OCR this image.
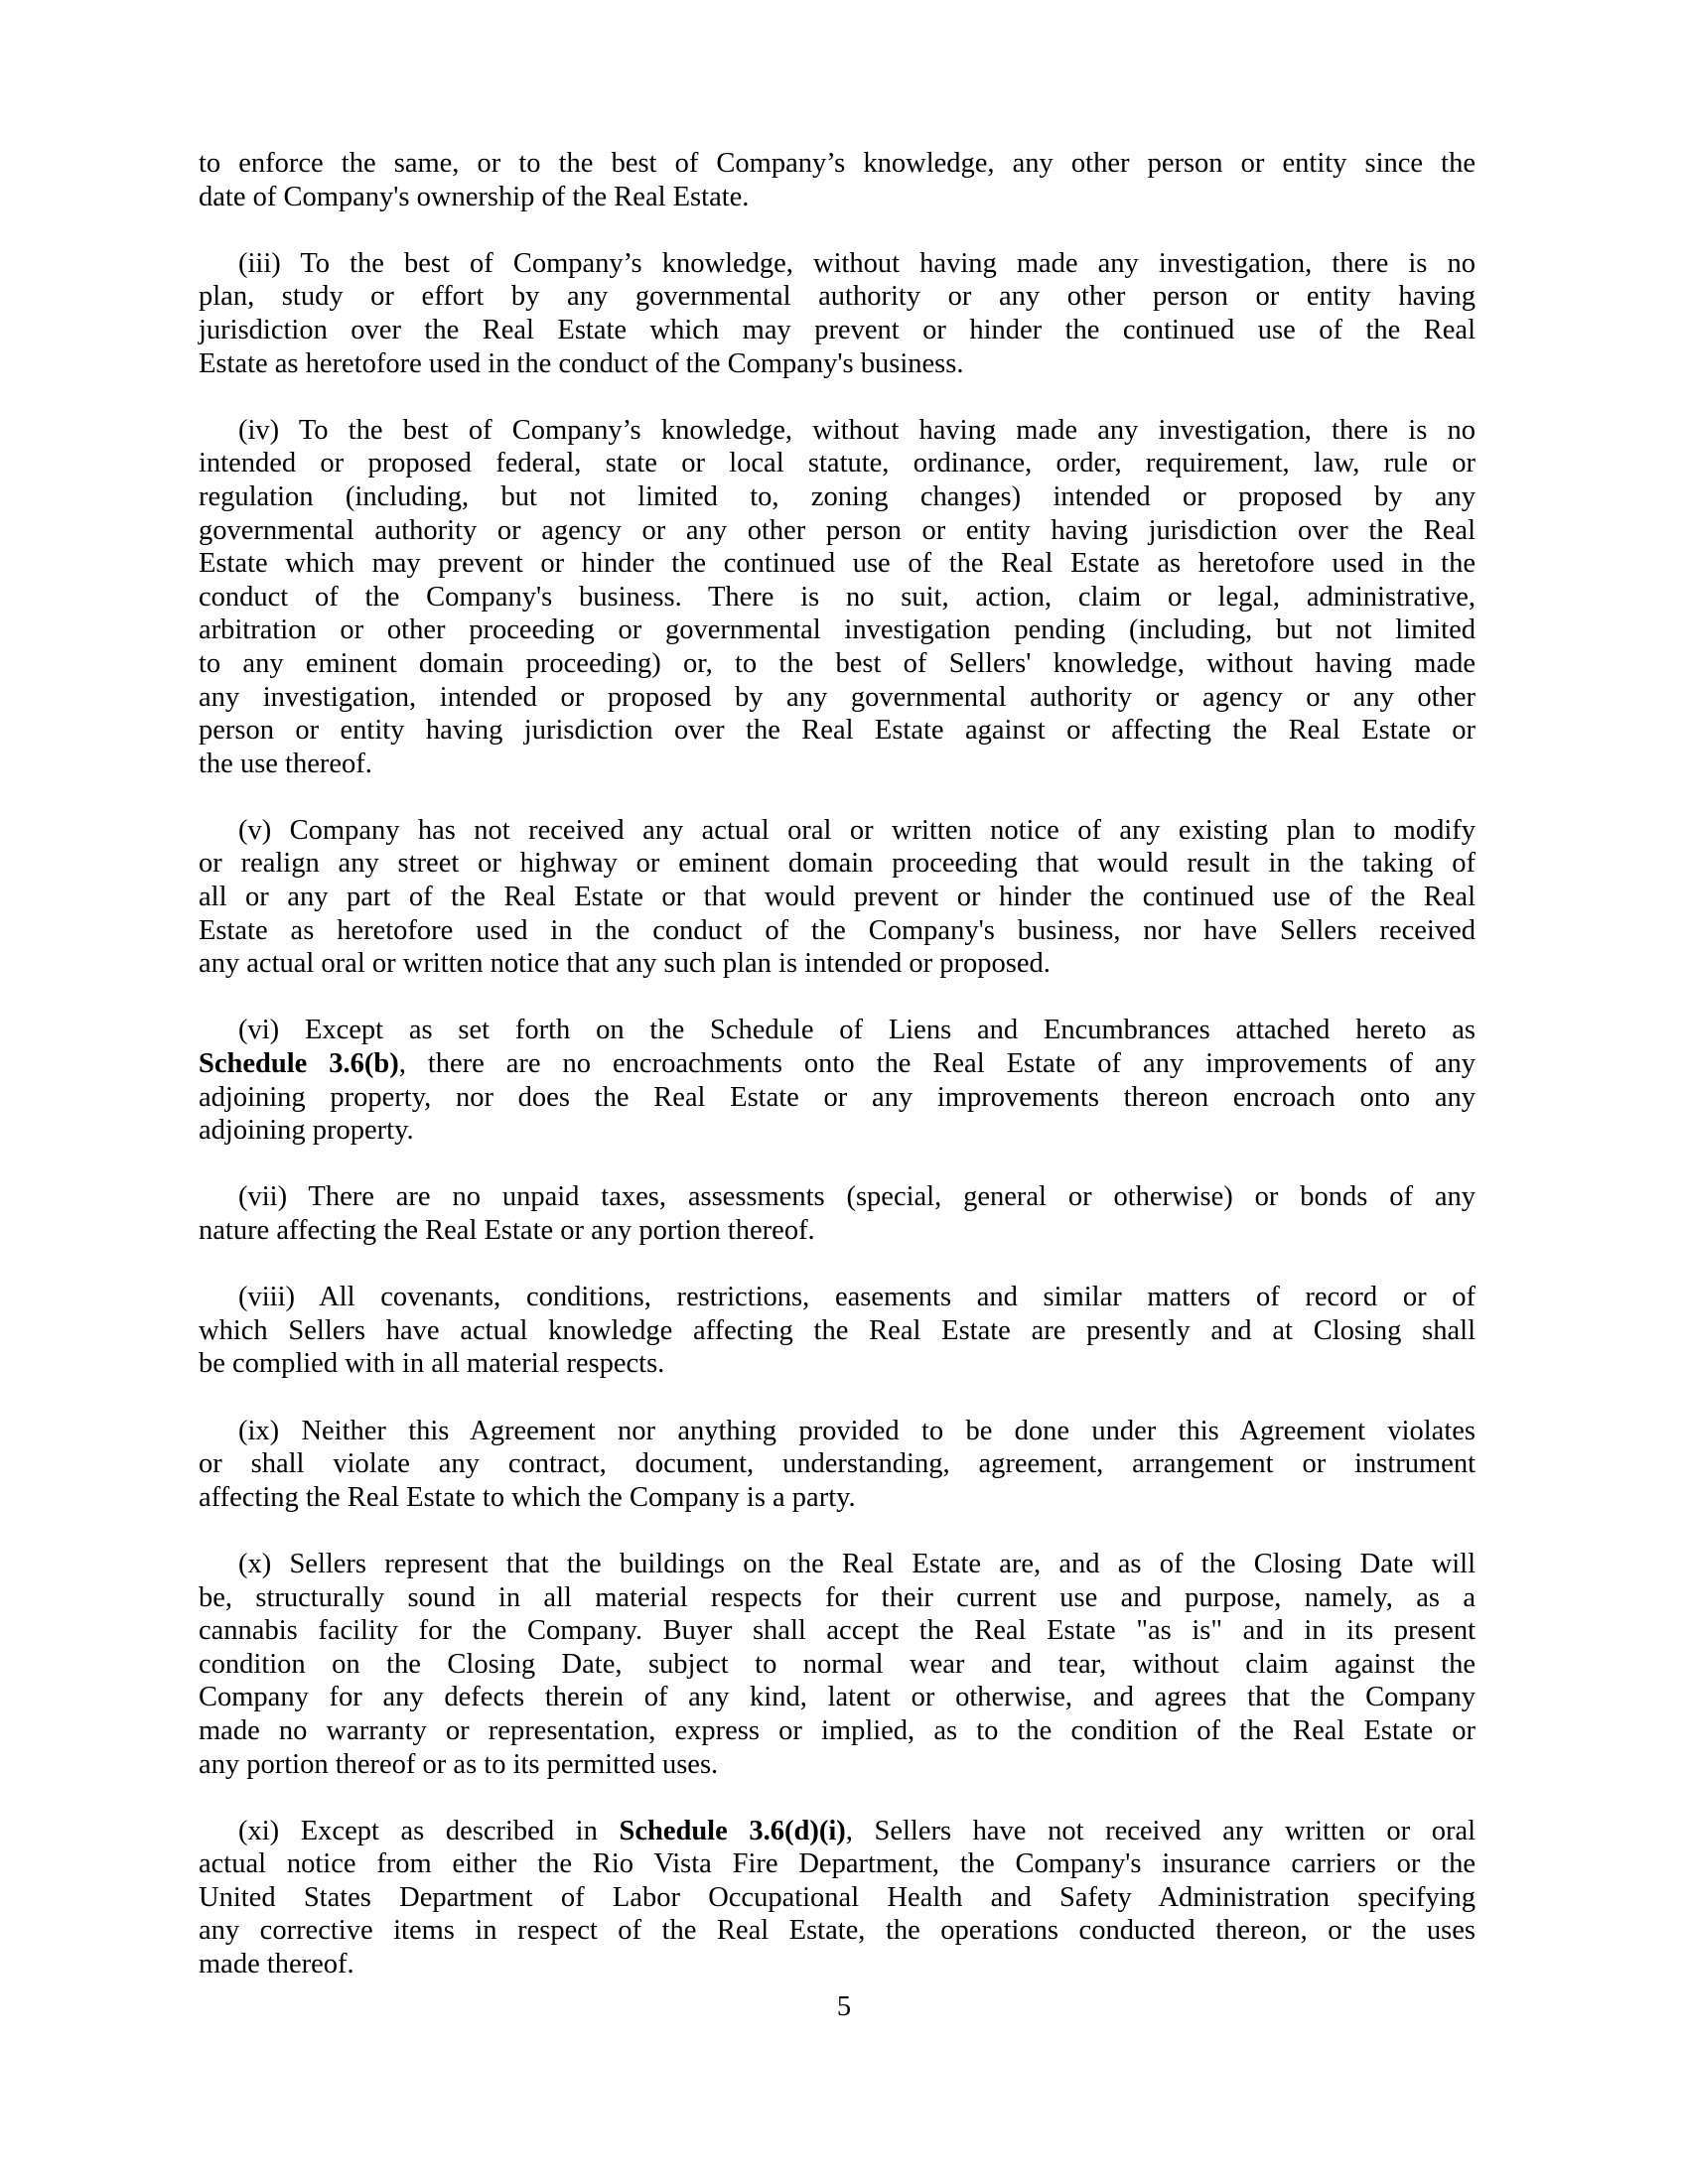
to enforce the same, or to the best of Company’s knowledge, any other person or entity since the
date of Company's ownership of the Real Estate.
(iii) To the best of Company’s knowledge, without having made any investigation, there is no
plan, study or effort by any governmental authority or any other person or entity having
jurisdiction over the Real Estate which may prevent or hinder the continued use of the Real
Estate as heretofore used in the conduct of the Company's business.
(iv) To the best of Company’s knowledge, without having made any investigation, there is no
intended or proposed federal, state or local statute, ordinance, order, requirement, law, rule or
regulation (including, but not limited to, zoning changes) intended or proposed by any
governmental authority or agency or any other person or entity having jurisdiction over the Real
Estate which may prevent or hinder the continued use of the Real Estate as heretofore used in the
conduct of the Company's business. There is no suit, action, claim or legal, administrative,
arbitration or other proceeding or governmental investigation pending (including, but not limited
to any eminent domain proceeding) or, to the best of Sellers' knowledge, without having made
any investigation, intended or proposed by any governmental authority or agency or any other
person or entity having jurisdiction over the Real Estate against or affecting the Real Estate or
the use thereof.
(v) Company has not received any actual oral or written notice of any existing plan to modify
or realign any street or highway or eminent domain proceeding that would result in the taking of
all or any part of the Real Estate or that would prevent or hinder the continued use of the Real
Estate as heretofore used in the conduct of the Company's business, nor have Sellers received
any actual oral or written notice that any such plan is intended or proposed.
(vi) Except as set forth on the Schedule of Liens and Encumbrances attached hereto as
Schedule 3.6(b), there are no encroachments onto the Real Estate of any improvements of any
adjoining property, nor does the Real Estate or any improvements thereon encroach onto any
adjoining property.
(vii) There are no unpaid taxes, assessments (special, general or otherwise) or bonds of any
nature affecting the Real Estate or any portion thereof.
(viii) All covenants, conditions, restrictions, easements and similar matters of record or of
which Sellers have actual knowledge affecting the Real Estate are presently and at Closing shall
be complied with in all material respects.
(ix) Neither this Agreement nor anything provided to be done under this Agreement violates
or shall violate any contract, document, understanding, agreement, arrangement or instrument
affecting the Real Estate to which the Company is a party.
(x) Sellers represent that the buildings on the Real Estate are, and as of the Closing Date will
be, structurally sound in all material respects for their current use and purpose, namely, as a
cannabis facility for the Company. Buyer shall accept the Real Estate "as is" and in its present
condition on the Closing Date, subject to normal wear and tear, without claim against the
Company for any defects therein of any kind, latent or otherwise, and agrees that the Company
made no warranty or representation, express or implied, as to the condition of the Real Estate or
any portion thereof or as to its permitted uses.
(xi) Except as described in Schedule 3.6(d)(i), Sellers have not received any written or oral
actual notice from either the Rio Vista Fire Department, the Company's insurance carriers or the
United States Department of Labor Occupational Health and Safety Administration specifying
any corrective items in respect of the Real Estate, the operations conducted thereon, or the uses
made thereof.
5
